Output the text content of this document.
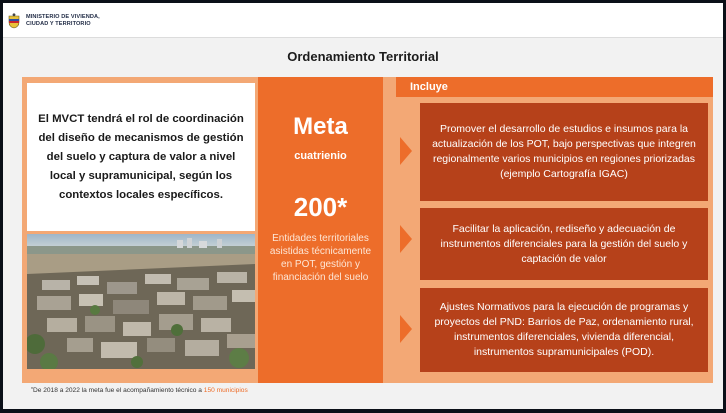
MINISTERIO DE VIVIENDA,
CIUDAD Y TERRITORIO
Ordenamiento Territorial
El MVCT tendrá el rol de coordinación del diseño de mecanismos de gestión del suelo y captura de valor a nivel local y supramunicipal, según los contextos locales específicos.
Meta
cuatrienio
200*
Entidades territoriales asistidas técnicamente en POT, gestión y financiación del suelo
Incluye
Promover el desarrollo de estudios e insumos para la actualización de los POT, bajo perspectivas que integren regionalmente varios municipios en regiones priorizadas (ejemplo Cartografía IGAC)
Facilitar la aplicación, rediseño y adecuación de instrumentos diferenciales para la gestión del suelo y captación de valor
Ajustes Normativos para la ejecución de programas y proyectos del PND: Barrios de Paz, ordenamiento rural, instrumentos diferenciales, vivienda diferencial, instrumentos supramunicipales (POD).
*De 2018 a 2022 la meta fue el acompañamiento técnico a 150 municipios
